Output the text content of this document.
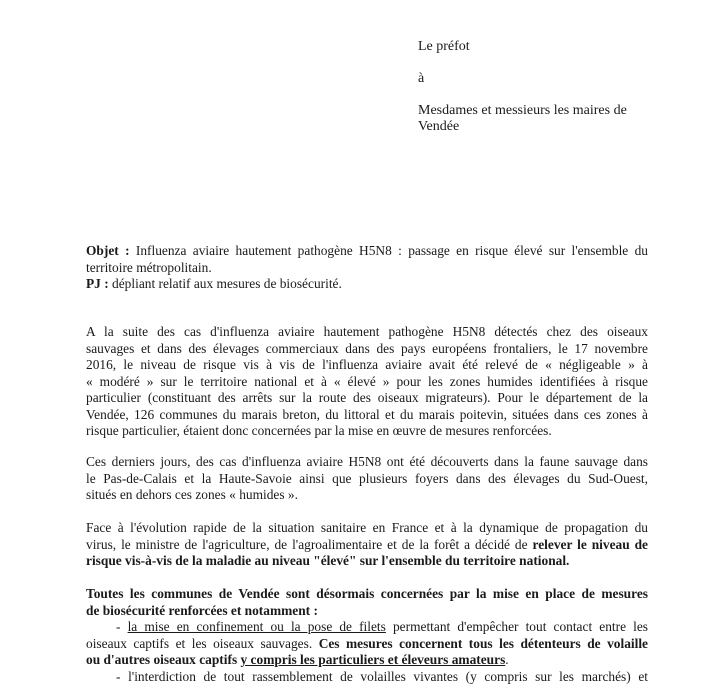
Le préfot
à
Mesdames et messieurs les maires de
Vendée
Objet : Influenza aviaire hautement pathogène H5N8 : passage en risque élevé sur l'ensemble du
territoire métropolitain.
PJ : dépliant relatif aux mesures de biosécurité.
A la suite des cas d'influenza aviaire hautement pathogène H5N8 détectés chez des oiseaux
sauvages et dans des élevages commerciaux dans des pays européens frontaliers, le 17 novembre
2016, le niveau de risque vis à vis de l'influenza aviaire avait été relevé de « négligeable » à
« modéré » sur le territoire national et à « élevé » pour les zones humides identifiées à risque
particulier (constituant des arrêts sur la route des oiseaux migrateurs). Pour le département de la
Vendée, 126 communes du marais breton, du littoral et du marais poitevin, situées dans ces zones à
risque particulier, étaient donc concernées par la mise en œuvre de mesures renforcées.
Ces derniers jours, des cas d'influenza aviaire H5N8 ont été découverts dans la faune sauvage dans
le Pas-de-Calais et la Haute-Savoie ainsi que plusieurs foyers dans des élevages du Sud-Ouest,
situés en dehors ces zones « humides ».
Face à l'évolution rapide de la situation sanitaire en France et à la dynamique de propagation du
virus, le ministre de l'agriculture, de l'agroalimentaire et de la forêt a décidé de relever le niveau de
risque vis-à-vis de la maladie au niveau "élevé" sur l'ensemble du territoire national.
Toutes les communes de Vendée sont désormais concernées par la mise en place de mesures
de biosécurité renforcées et notamment :
- la mise en confinement ou la pose de filets permettant d'empêcher tout contact entre les
oiseaux captifs et les oiseaux sauvages. Ces mesures concernent tous les détenteurs de volaille
ou d'autres oiseaux captifs y compris les particuliers et éleveurs amateurs.
- l'interdiction de tout rassemblement de volailles vivantes (y compris sur les marchés) et
